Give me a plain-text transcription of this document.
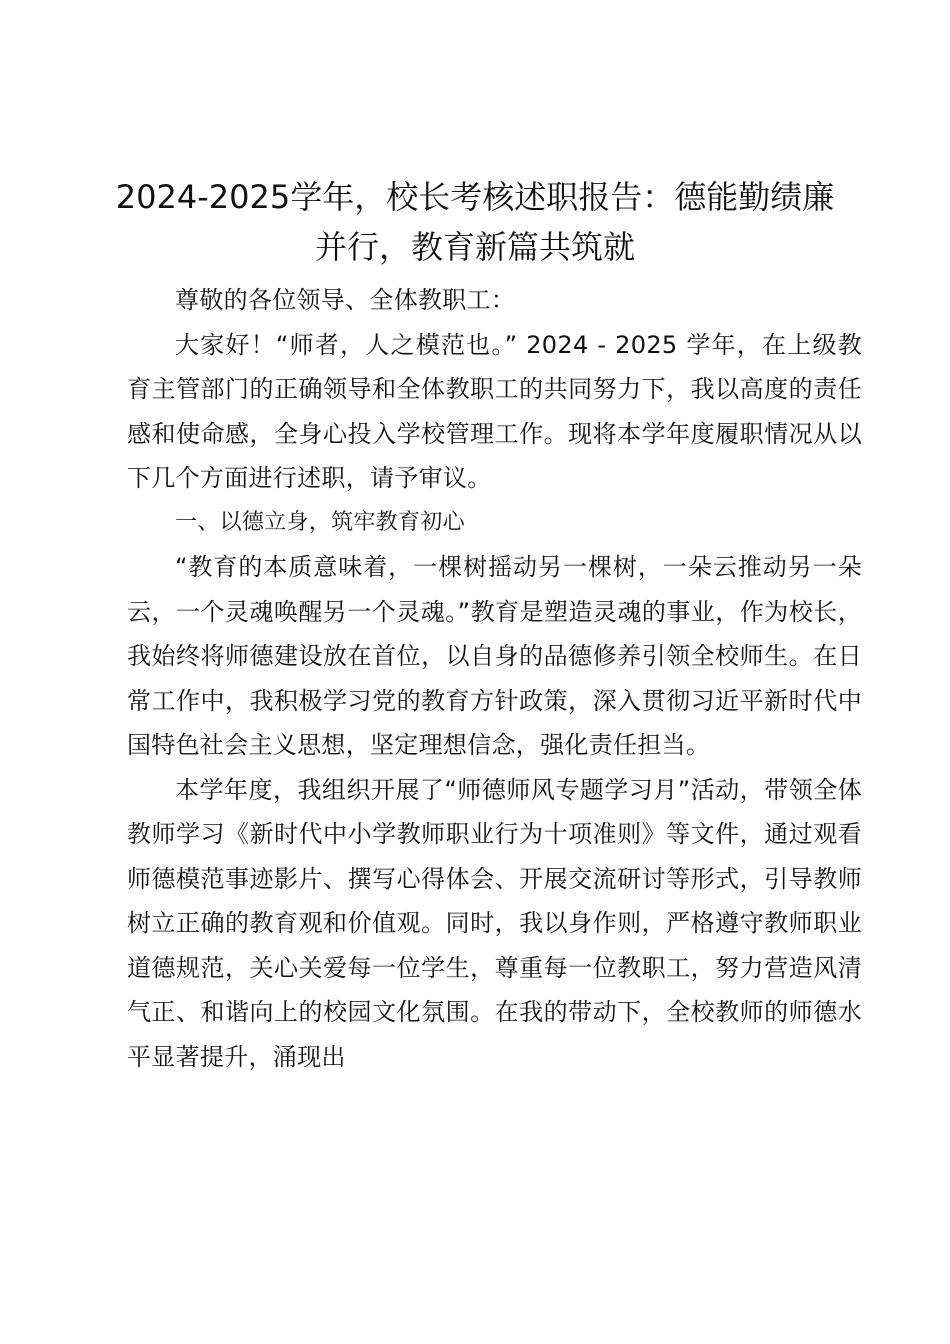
2024-2025学年，校长考核述职报告：德能勤绩廉并行，教育新篇共筑就

尊敬的各位领导、全体教职工：

大家好！“师者，人之模范也。” 2024 - 2025 学年，在上级教育主管部门的正确领导和全体教职工的共同努力下，我以高度的责任感和使命感，全身心投入学校管理工作。现将本学年度履职情况从以下几个方面进行述职，请予审议。

一、以德立身，筑牢教育初心

“教育的本质意味着，一棵树摇动另一棵树，一朵云推动另一朵云，一个灵魂唤醒另一个灵魂。”教育是塑造灵魂的事业，作为校长，我始终将师德建设放在首位，以自身的品德修养引领全校师生。在日常工作中，我积极学习党的教育方针政策，深入贯彻习近平新时代中国特色社会主义思想，坚定理想信念，强化责任担当。

本学年度，我组织开展了“师德师风专题学习月”活动，带领全体教师学习《新时代中小学教师职业行为十项准则》等文件，通过观看师德模范事迹影片、撰写心得体会、开展交流研讨等形式，引导教师树立正确的教育观和价值观。同时，我以身作则，严格遵守教师职业道德规范，关心关爱每一位学生，尊重每一位教职工，努力营造风清气正、和谐向上的校园文化氛围。在我的带动下，全校教师的师德水平显著提升，涌现出
